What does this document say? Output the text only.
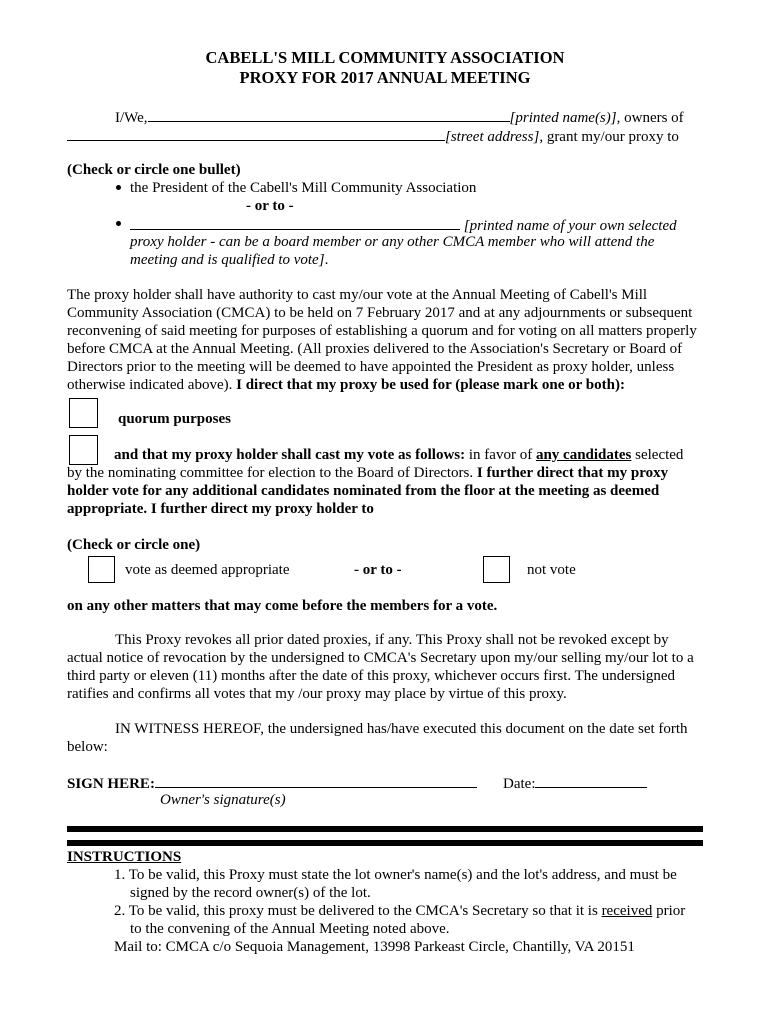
CABELL'S MILL COMMUNITY ASSOCIATION
PROXY FOR 2017 ANNUAL MEETING
I/We,	[printed name(s)], owners of
[street address], grant my/our proxy to
(Check or circle one bullet)
the President of the Cabell's Mill Community Association
- or to -
[printed name of your own selected
proxy holder - can be a board member or any other CMCA member who will attend the
meeting and is qualified to vote].
The proxy holder shall have authority to cast my/our vote at the Annual Meeting of Cabell's Mill
Community Association (CMCA) to be held on 7 February 2017 and at any adjournments or subsequent
reconvening of said meeting for purposes of establishing a quorum and for voting on all matters properly
before CMCA at the Annual Meeting. (All proxies delivered to the Association's Secretary or Board of
Directors prior to the meeting will be deemed to have appointed the President as proxy holder, unless
otherwise indicated above). I direct that my proxy be used for (please mark one or both):
quorum purposes
and that my proxy holder shall cast my vote as follows: in favor of any candidates selected
by the nominating committee for election to the Board of Directors. I further direct that my proxy
holder vote for any additional candidates nominated from the floor at the meeting as deemed
appropriate. I further direct my proxy holder to
(Check or circle one)
vote as deemed appropriate	- or to -	not vote
on any other matters that may come before the members for a vote.
This Proxy revokes all prior dated proxies, if any. This Proxy shall not be revoked except by
actual notice of revocation by the undersigned to CMCA's Secretary upon my/our selling my/our lot to a
third party or eleven (11) months after the date of this proxy, whichever occurs first. The undersigned
ratifies and confirms all votes that my /our proxy may place by virtue of this proxy.
IN WITNESS HEREOF, the undersigned has/have executed this document on the date set forth
below:
SIGN HERE:	Date:
Owner's signature(s)
INSTRUCTIONS
1. To be valid, this Proxy must state the lot owner's name(s) and the lot's address, and must be
signed by the record owner(s) of the lot.
2. To be valid, this proxy must be delivered to the CMCA's Secretary so that it is received prior
to the convening of the Annual Meeting noted above.
Mail to: CMCA c/o Sequoia Management, 13998 Parkeast Circle, Chantilly, VA 20151
